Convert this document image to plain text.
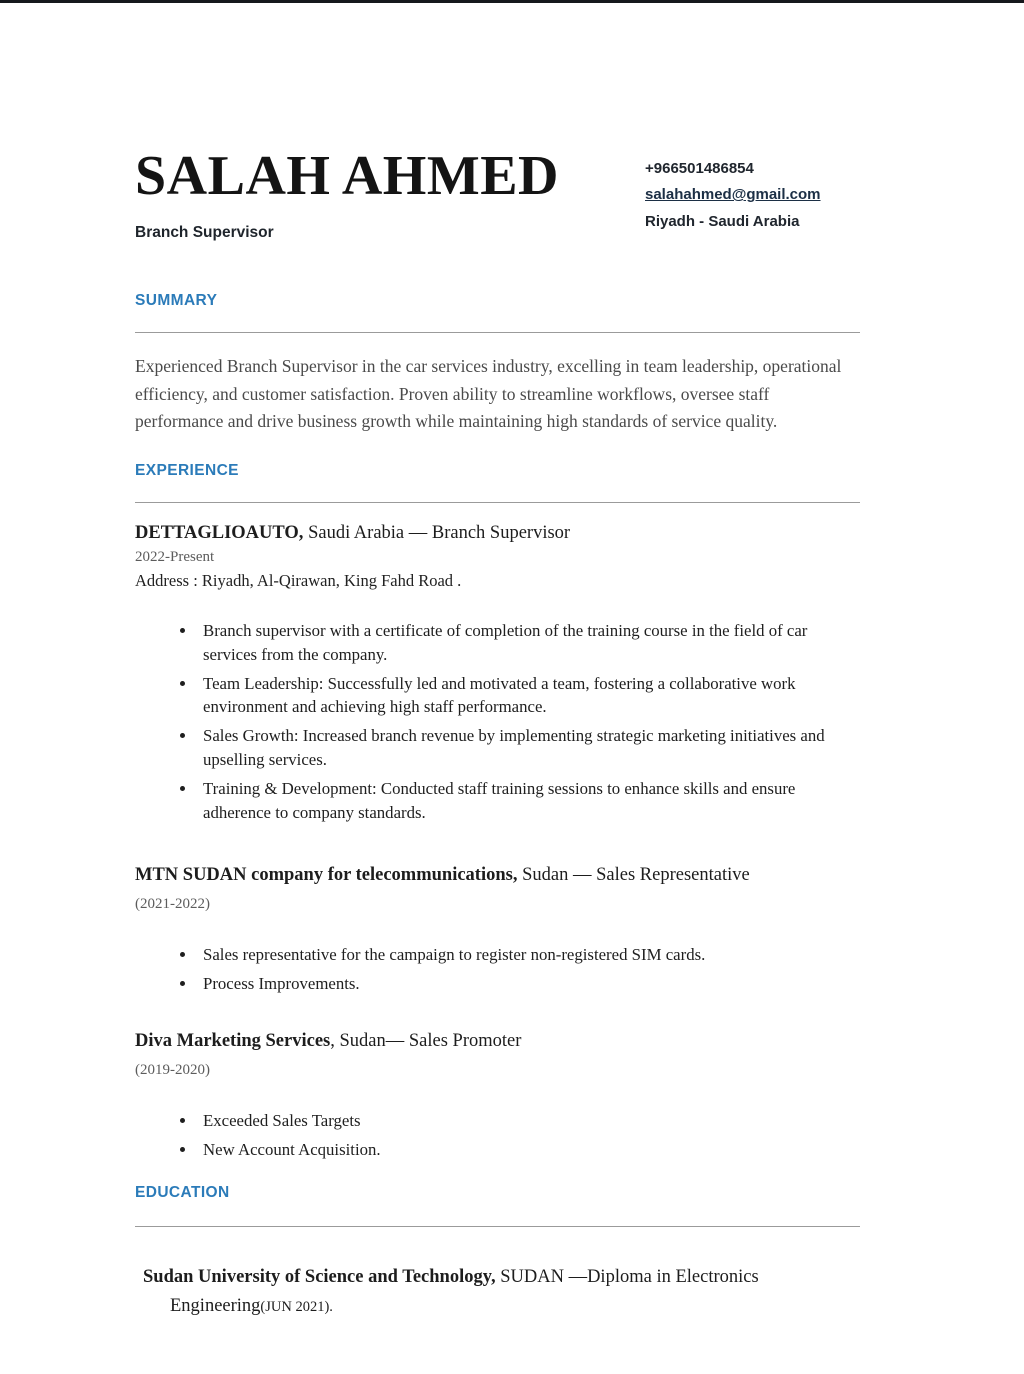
SALAH AHMED
Branch Supervisor
+966501486854
salahahmed@gmail.com
Riyadh - Saudi Arabia
SUMMARY

Experienced Branch Supervisor in the car services industry, excelling in team leadership, operational efficiency, and customer satisfaction. Proven ability to streamline workflows, oversee staff performance and drive business growth while maintaining high standards of service quality.

EXPERIENCE
DETTAGLIOAUTO, Saudi Arabia — Branch Supervisor
2022-Present
Address : Riyadh, Al-Qirawan, King Fahd Road .
• Branch supervisor with a certificate of completion of the training course in the field of car services from the company.
• Team Leadership: Successfully led and motivated a team, fostering a collaborative work environment and achieving high staff performance.
• Sales Growth: Increased branch revenue by implementing strategic marketing initiatives and upselling services.
• Training & Development: Conducted staff training sessions to enhance skills and ensure adherence to company standards.
MTN SUDAN company for telecommunications, Sudan — Sales Representative
(2021-2022)
• Sales representative for the campaign to register non-registered SIM cards.
• Process Improvements.
Diva Marketing Services, Sudan— Sales Promoter
(2019-2020)
• Exceeded Sales Targets
• New Account Acquisition.
EDUCATION
Sudan University of Science and Technology, SUDAN —Diploma in Electronics Engineering(JUN 2021).
